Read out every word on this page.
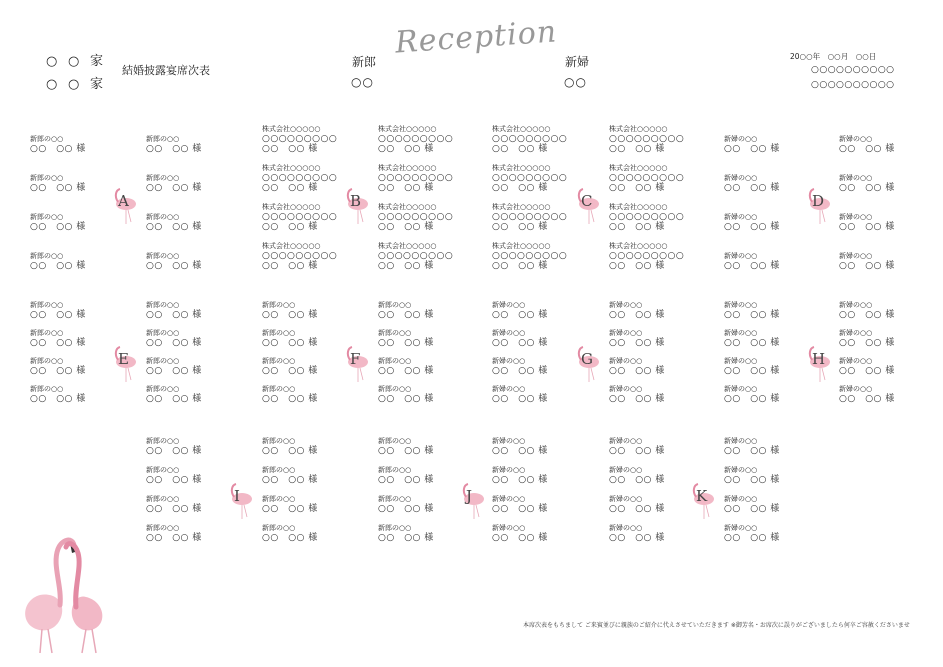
○ ○ 家
○ ○ 家
結婚披露宴席次表
Reception
新郎
○○
新婦
○○
20○○年　○○月　○○日
○○○○○○○○○○
○○○○○○○○○○
A
新郎の○○
○○　○○ 様
新郎の○○
○○　○○ 様
新郎の○○
○○　○○ 様
新郎の○○
○○　○○ 様
新郎の○○
○○　○○ 様
新郎の○○
○○　○○ 様
新郎の○○
○○　○○ 様
新郎の○○
○○　○○ 様
B
株式会社○○○○○
○○○○○○○○○
○○　○○ 様
株式会社○○○○○
○○○○○○○○○
○○　○○ 様
株式会社○○○○○
○○○○○○○○○
○○　○○ 様
株式会社○○○○○
○○○○○○○○○
○○　○○ 様
株式会社○○○○○
○○○○○○○○○
○○　○○ 様
株式会社○○○○○
○○○○○○○○○
○○　○○ 様
株式会社○○○○○
○○○○○○○○○
○○　○○ 様
株式会社○○○○○
○○○○○○○○○
○○　○○ 様
C
株式会社○○○○○
○○○○○○○○○
○○　○○ 様
株式会社○○○○○
○○○○○○○○○
○○　○○ 様
株式会社○○○○○
○○○○○○○○○
○○　○○ 様
株式会社○○○○○
○○○○○○○○○
○○　○○ 様
株式会社○○○○○
○○○○○○○○○
○○　○○ 様
株式会社○○○○○
○○○○○○○○○
○○　○○ 様
株式会社○○○○○
○○○○○○○○○
○○　○○ 様
株式会社○○○○○
○○○○○○○○○
○○　○○ 様
D
新婦の○○
○○　○○ 様
新婦の○○
○○　○○ 様
新婦の○○
○○　○○ 様
新婦の○○
○○　○○ 様
新婦の○○
○○　○○ 様
新婦の○○
○○　○○ 様
新婦の○○
○○　○○ 様
新婦の○○
○○　○○ 様
E
新郎の○○
○○　○○ 様
新郎の○○
○○　○○ 様
新郎の○○
○○　○○ 様
新郎の○○
○○　○○ 様
新郎の○○
○○　○○ 様
新郎の○○
○○　○○ 様
新郎の○○
○○　○○ 様
新郎の○○
○○　○○ 様
F
新郎の○○
○○　○○ 様
新郎の○○
○○　○○ 様
新郎の○○
○○　○○ 様
新郎の○○
○○　○○ 様
新郎の○○
○○　○○ 様
新郎の○○
○○　○○ 様
新郎の○○
○○　○○ 様
新郎の○○
○○　○○ 様
G
新婦の○○
○○　○○ 様
新婦の○○
○○　○○ 様
新婦の○○
○○　○○ 様
新婦の○○
○○　○○ 様
新婦の○○
○○　○○ 様
新婦の○○
○○　○○ 様
新婦の○○
○○　○○ 様
新婦の○○
○○　○○ 様
H
新婦の○○
○○　○○ 様
新婦の○○
○○　○○ 様
新婦の○○
○○　○○ 様
新婦の○○
○○　○○ 様
新婦の○○
○○　○○ 様
新婦の○○
○○　○○ 様
新婦の○○
○○　○○ 様
新婦の○○
○○　○○ 様
I
新郎の○○
○○　○○ 様
新郎の○○
○○　○○ 様
新郎の○○
○○　○○ 様
新郎の○○
○○　○○ 様
新郎の○○
○○　○○ 様
新郎の○○
○○　○○ 様
新郎の○○
○○　○○ 様
新郎の○○
○○　○○ 様
J
新郎の○○
○○　○○ 様
新郎の○○
○○　○○ 様
新郎の○○
○○　○○ 様
新郎の○○
○○　○○ 様
新婦の○○
○○　○○ 様
新婦の○○
○○　○○ 様
新婦の○○
○○　○○ 様
新婦の○○
○○　○○ 様
K
新婦の○○
○○　○○ 様
新婦の○○
○○　○○ 様
新婦の○○
○○　○○ 様
新婦の○○
○○　○○ 様
新婦の○○
○○　○○ 様
新婦の○○
○○　○○ 様
新婦の○○
○○　○○ 様
新婦の○○
○○　○○ 様
本席次表をもちまして ご来賓並びに親族のご紹介に代えさせていただきます ※御芳名・お席次に誤りがございましたら何卒ご容赦くださいませ
